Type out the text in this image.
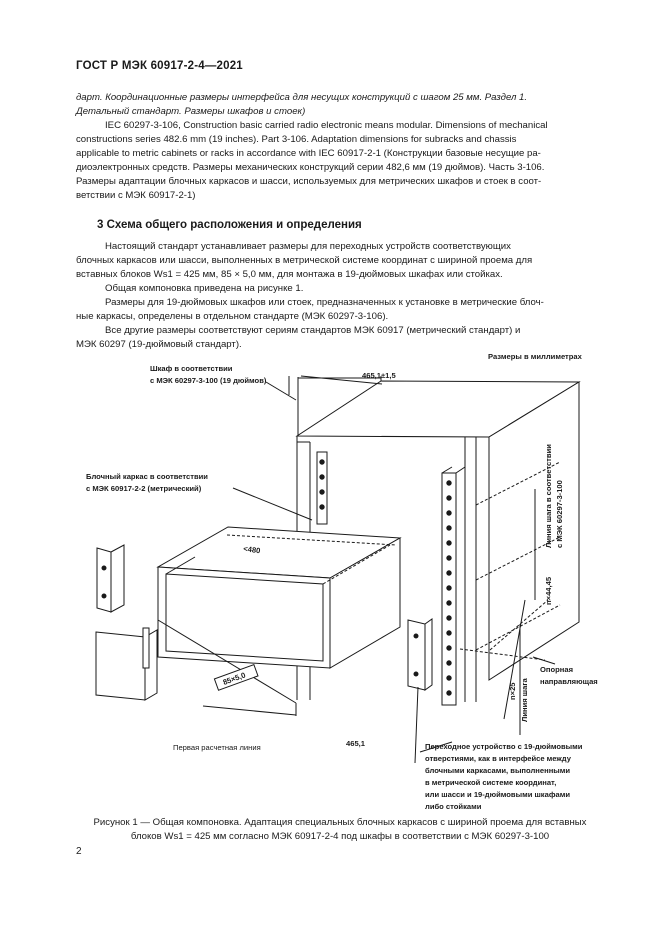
ГОСТ Р МЭК 60917-2-4—2021
дарт. Координационные размеры интерфейса для несущих конструкций с шагом 25 мм. Раздел 1.
Детальный стандарт. Размеры шкафов и стоек)
IEC 60297-3-106, Construction basic carried radio electronic means modular. Dimensions of mechanical
constructions series 482.6 mm (19 inches). Part 3-106. Adaptation dimensions for subracks and chassis
applicable to metric cabinets or racks in accordance with IEC 60917-2-1 (Конструкции базовые несущие ра-
диоэлектронных средств. Размеры механических конструкций серии 482,6 мм (19 дюймов). Часть 3-106.
Размеры адаптации блочных каркасов и шасси, используемых для метрических шкафов и стоек в соот-
ветствии с МЭК 60917-2-1)
3 Схема общего расположения и определения
Настоящий стандарт устанавливает размеры для переходных устройств соответствующих
блочных каркасов или шасси, выполненных в метрической системе координат с шириной проема для
вставных блоков Ws1 = 425 мм, 85 × 5,0 мм, для монтажа в 19-дюймовых шкафах или стойках.
Общая компоновка приведена на рисунке 1.
Размеры для 19-дюймовых шкафов или стоек, предназначенных к установке в метрические блоч-
ные каркасы, определены в отдельном стандарте (МЭК 60297-3-106).
Все другие размеры соответствуют сериям стандартов МЭК 60917 (метрический стандарт) и
МЭК 60297 (19-дюймовый стандарт).
Размеры в миллиметрах
Шкаф в соответствии
с МЭК 60297-3-100 (19 дюймов)
465,1±1,5
Блочный каркас в соответствии
с МЭК 60917-2-2 (метрический)
<480
85×5,0
n×44,45
n×25
Линия шага в соответствии с МЭК 60297-3-100
Линия шага
Опорная
направляющая
Первая расчетная линия	465,1	Переходное устройство с 19-дюймовыми
отверстиями, как в интерфейсе между
блочными каркасами, выполненными
в метрической системе координат,
или шасси и 19-дюймовыми шкафами
либо стойками
Рисунок 1 — Общая компоновка. Адаптация специальных блочных каркасов с шириной проема для вставных
блоков Ws1 = 425 мм согласно МЭК 60917-2-4 под шкафы в соответствии с МЭК 60297-3-100
2
